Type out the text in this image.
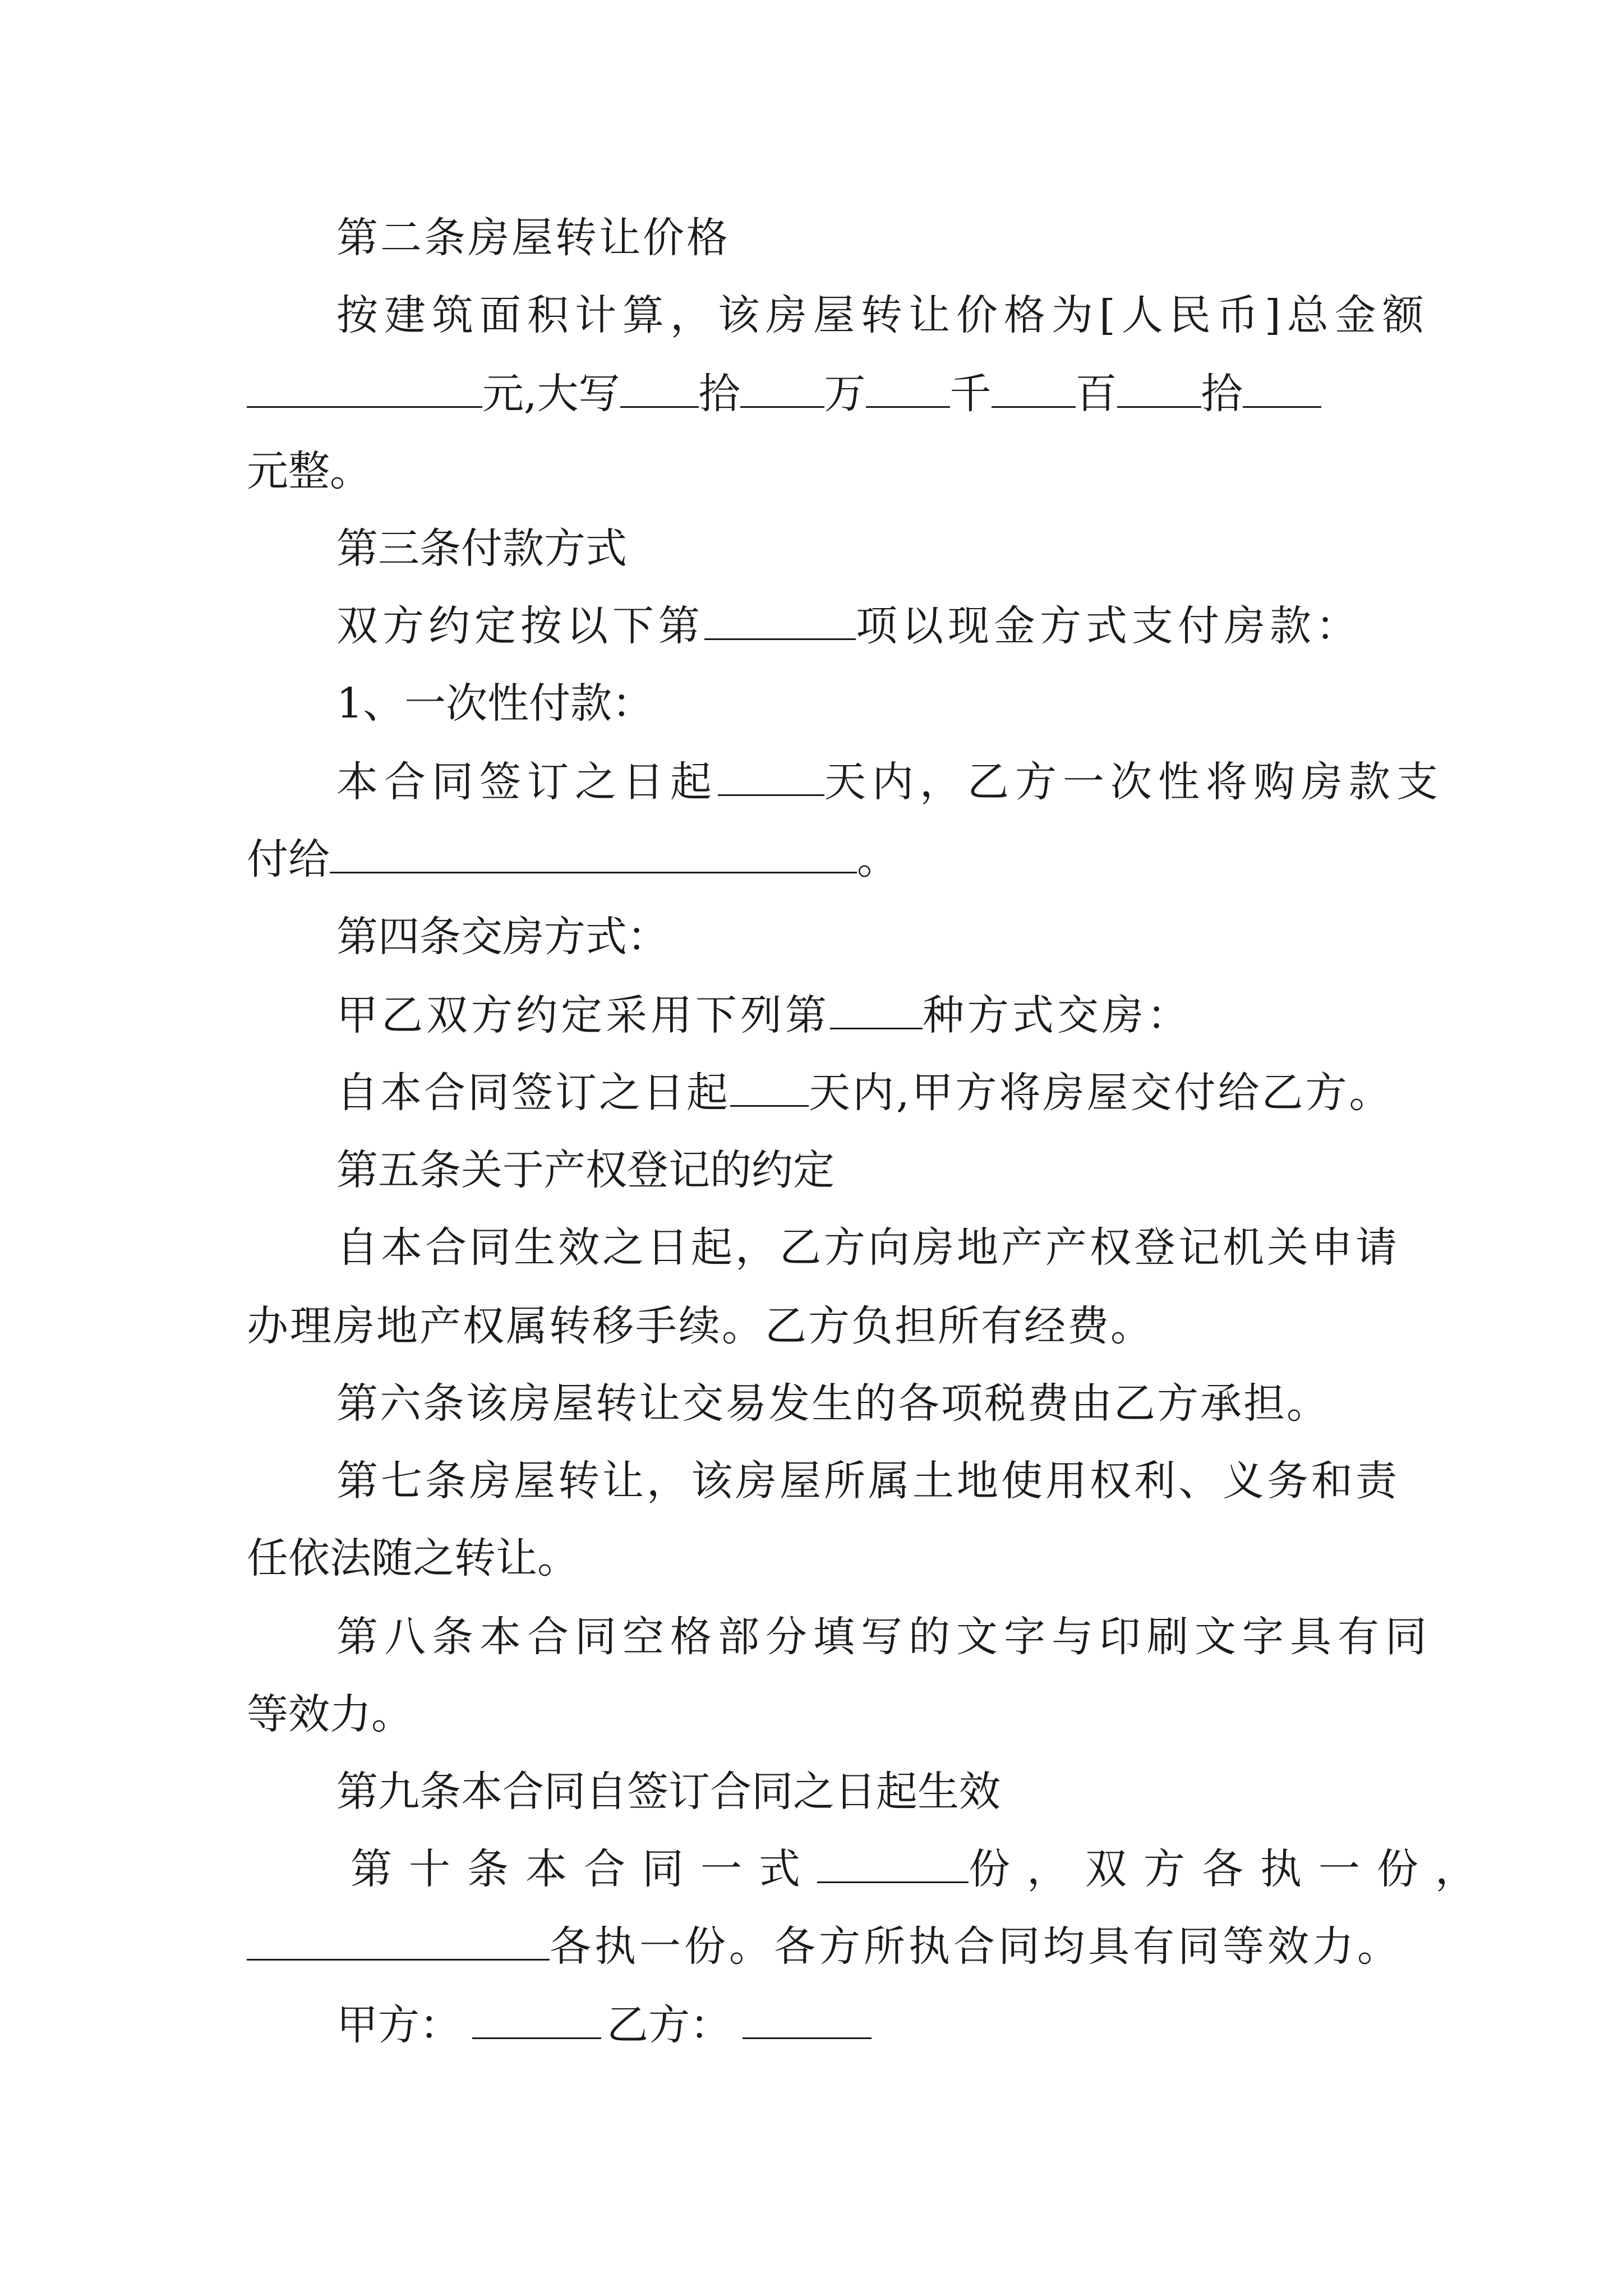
第二条房屋转让价格
按建筑面积计算，该房屋转让价格为[人民币]总金额
元,大写 拾 万 千 百 拾
元整。
第三条付款方式
双方约定按以下第	项以现金方式支付房款：
1、一次性付款：
本合同签订之日起	天内，乙方一次性将购房款支
付给	。
第四条交房方式：
甲乙双方约定采用下列第 种方式交房：
自本合同签订之日起 天内,甲方将房屋交付给乙方。
第五条关于产权登记的约定
自本合同生效之日起，乙方向房地产产权登记机关申请
办理房地产权属转移手续。乙方负担所有经费。
第六条该房屋转让交易发生的各项税费由乙方承担。
第七条房屋转让，该房屋所属土地使用权利、义务和责
任依法随之转让。
第八条本合同空格部分填写的文字与印刷文字具有同
等效力。
第九条本合同自签订合同之日起生效
第十条本合同一式	份，双方各执一份，
各执一份。各方所执合同均具有同等效力。
甲方：	乙方：
